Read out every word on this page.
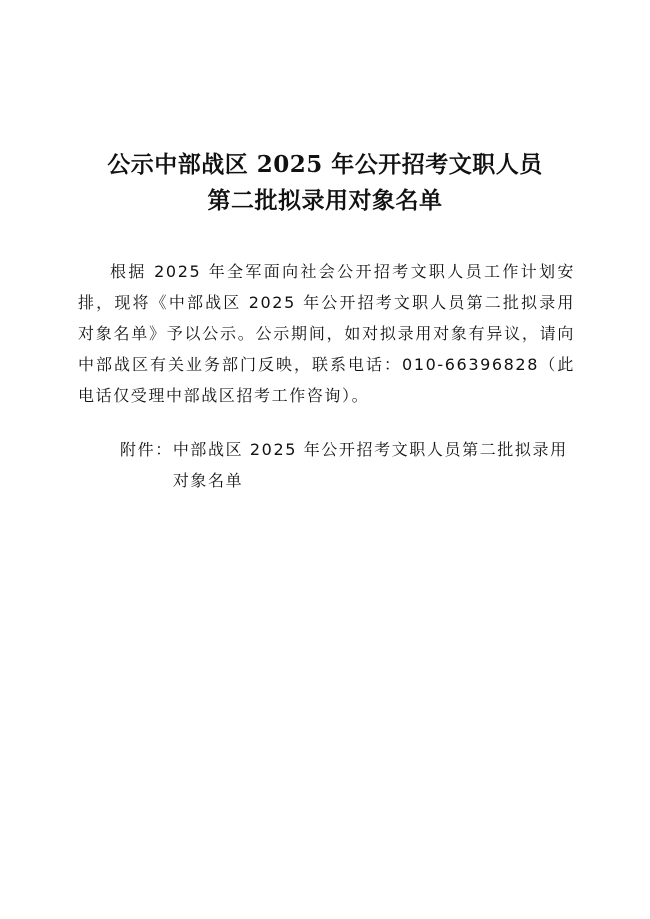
公示中部战区 2025 年公开招考文职人员
第二批拟录用对象名单

根据 2025 年全军面向社会公开招考文职人员工作计划安排，现将《中部战区 2025 年公开招考文职人员第二批拟录用对象名单》予以公示。公示期间，如对拟录用对象有异议，请向中部战区有关业务部门反映，联系电话：010-66396828（此电话仅受理中部战区招考工作咨询）。

附件： 中部战区 2025 年公开招考文职人员第二批拟录用对象名单
